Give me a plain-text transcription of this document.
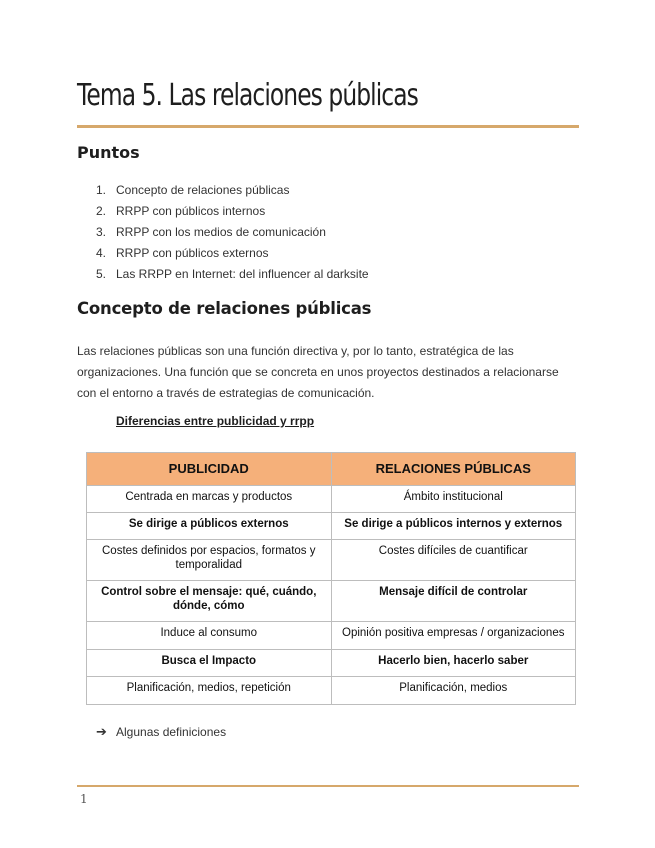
Tema 5. Las relaciones públicas
Puntos
1. Concepto de relaciones públicas
2. RRPP con públicos internos
3. RRPP con los medios de comunicación
4. RRPP con públicos externos
5. Las RRPP en Internet: del influencer al darksite
Concepto de relaciones públicas

Las relaciones públicas son una función directiva y, por lo tanto, estratégica de las
organizaciones. Una función que se concreta en unos proyectos destinados a relacionarse
con el entorno a través de estrategias de comunicación.

Diferencias entre publicidad y rrpp

PUBLICIDAD	RELACIONES PÚBLICAS
Centrada en marcas y productos	Ámbito institucional
Se dirige a públicos externos	Se dirige a públicos internos y externos
Costes definidos por espacios, formatos y temporalidad	Costes difíciles de cuantificar
Control sobre el mensaje: qué, cuándo, dónde, cómo	Mensaje difícil de controlar
Induce al consumo	Opinión positiva empresas / organizaciones
Busca el Impacto	Hacerlo bien, hacerlo saber
Planificación, medios, repetición	Planificación, medios
➔ Algunas definiciones
1
